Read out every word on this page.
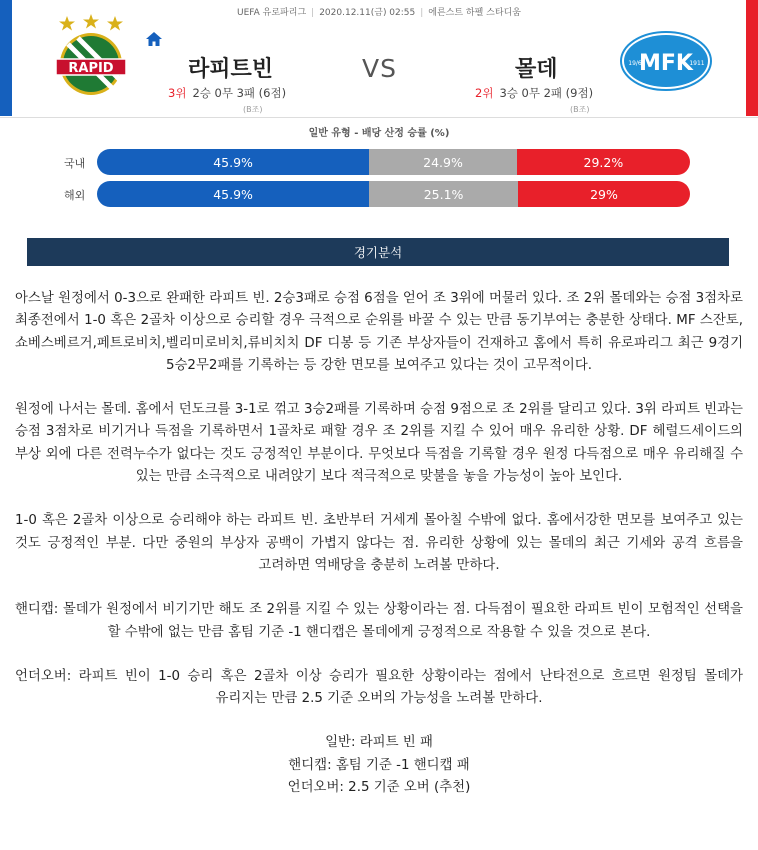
UEFA 유로파리그 | 2020.12.11(금) 02:55 | 에른스트 하펠 스타디움
RAPID	MFK
19/6	1911
라피트빈	VS	몰데
3위 2승 0무 3패 (6점)	2위 3승 0무 2패 (9점)
(B조)	(B조)
일반 유형 - 배당 산정 승률 (%)
국내	45.9%	24.9%	29.2%
해외	45.9%	25.1%	29%
경기분석

아스날 원정에서 0-3으로 완패한 라피트 빈. 2승3패로 승점 6점을 얻어 조 3위에 머물러 있다. 조 2위 몰데와는 승점 3점차로 최종전에서 1-0 혹은 2골차 이상으로 승리할 경우 극적으로 순위를 바꿀 수 있는 만큼 동기부여는 충분한 상태다. MF 스잔토,쇼베스베르거,페트로비치,벨리미로비치,류비치치 DF 디봉 등 기존 부상자들이 건재하고 홈에서 특히 유로파리그 최근 9경기 5승2무2패를 기록하는 등 강한 면모를 보여주고 있다는 것이 고무적이다.

원정에 나서는 몰데. 홈에서 던도크를 3-1로 꺾고 3승2패를 기록하며 승점 9점으로 조 2위를 달리고 있다. 3위 라피트 빈과는 승점 3점차로 비기거나 득점을 기록하면서 1골차로 패할 경우 조 2위를 지킬 수 있어 매우 유리한 상황. DF 헤럴드세이드의 부상 외에 다른 전력누수가 없다는 것도 긍정적인 부분이다. 무엇보다 득점을 기록할 경우 원정 다득점으로 매우 유리해질 수 있는 만큼 소극적으로 내려앉기 보다 적극적으로 맞불을 놓을 가능성이 높아 보인다.

1-0 혹은 2골차 이상으로 승리해야 하는 라피트 빈. 초반부터 거세게 몰아칠 수밖에 없다. 홈에서강한 면모를 보여주고 있는 것도 긍정적인 부분. 다만 중원의 부상자 공백이 가볍지 않다는 점. 유리한 상황에 있는 몰데의 최근 기세와 공격 흐름을 고려하면 역배당을 충분히 노려볼 만하다.

핸디캡: 몰데가 원정에서 비기기만 해도 조 2위를 지킬 수 있는 상황이라는 점. 다득점이 필요한 라피트 빈이 모험적인 선택을 할 수밖에 없는 만큼 홈팀 기준 -1 핸디캡은 몰데에게 긍정적으로 작용할 수 있을 것으로 본다.

언더오버: 라피트 빈이 1-0 승리 혹은 2골차 이상 승리가 필요한 상황이라는 점에서 난타전으로 흐르면 원정팀 몰데가 유리지는 만큼 2.5 기준 오버의 가능성을 노려볼 만하다.

일반: 라피트 빈 패
핸디캡: 홈팀 기준 -1 핸디캡 패
언더오버: 2.5 기준 오버 (추천)
